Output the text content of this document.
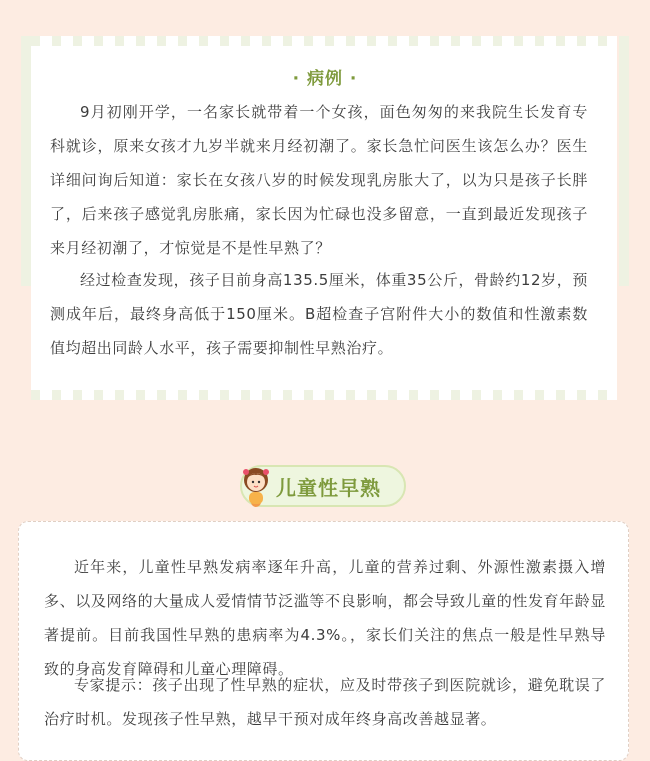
· 病例 ·

9月初刚开学，一名家长就带着一个女孩，面色匆匆的来我院生长发育专科就诊，原来女孩才九岁半就来月经初潮了。家长急忙问医生该怎么办？医生详细问询后知道：家长在女孩八岁的时候发现乳房胀大了，以为只是孩子长胖了，后来孩子感觉乳房胀痛，家长因为忙碌也没多留意，一直到最近发现孩子来月经初潮了，才惊觉是不是性早熟了？

经过检查发现，孩子目前身高135.5厘米，体重35公斤，骨龄约12岁，预测成年后，最终身高低于150厘米。B超检查子宫附件大小的数值和性激素数值均超出同龄人水平，孩子需要抑制性早熟治疗。

儿童性早熟

近年来，儿童性早熟发病率逐年升高，儿童的营养过剩、外源性激素摄入增多、以及网络的大量成人爱情情节泛滥等不良影响，都会导致儿童的性发育年龄显著提前。目前我国性早熟的患病率为4.3%。，家长们关注的焦点一般是性早熟导致的身高发育障碍和儿童心理障碍。

专家提示：孩子出现了性早熟的症状，应及时带孩子到医院就诊，避免耽误了治疗时机。发现孩子性早熟，越早干预对成年终身高改善越显著。
